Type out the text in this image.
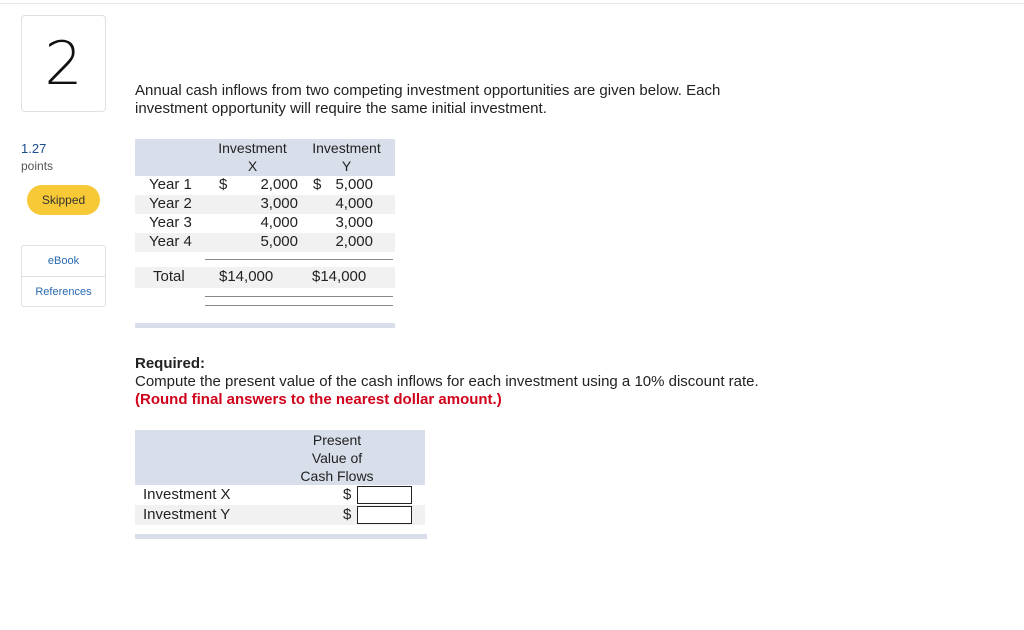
2
1.27
points
Skipped
eBook
References
Annual cash inflows from two competing investment opportunities are given below. Each investment opportunity will require the same initial investment.
Investment
X
Investment
Y
Year 1 $	2,000 $ 5,000
Year 2	3,000	4,000
Year 3	4,000	3,000
Year 4	5,000	2,000
Total $14,000	$14,000
Required:
Compute the present value of the cash inflows for each investment using a 10% discount rate. (Round final answers to the nearest dollar amount.)
Present
Value of
Cash Flows
Investment X	$
Investment Y	$
